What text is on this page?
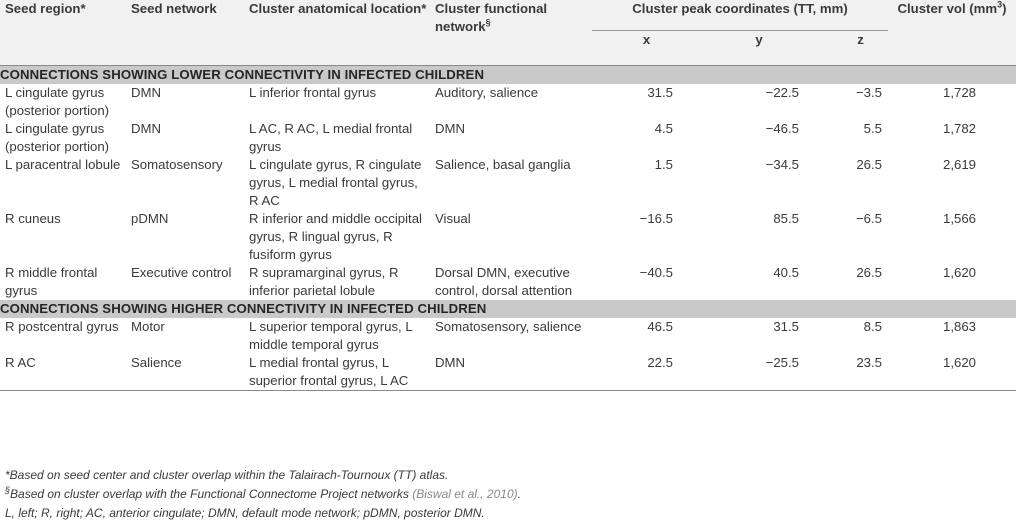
Seed region*	Seed network	Cluster anatomical location*	Cluster functional network§	Cluster peak coordinates (TT, mm)			Cluster vol $(mm^3)$
				x	y	z	

CONNECTIONS SHOWING LOWER CONNECTIVITY IN INFECTED CHILDREN							
L cingulate gyrus (posterior portion)	DMN	L inferior frontal gyrus	Auditory, salience	31.5	−22.5	−3.5	1,728
L cingulate gyrus (posterior portion)	DMN	L AC, R AC, L medial frontal gyrus	DMN	4.5	−46.5	5.5	1,782
L paracentral lobule	Somatosensory	L cingulate gyrus, R cingulate gyrus, L medial frontal gyrus, R AC	Salience, basal ganglia	1.5	−34.5	26.5	2,619
R cuneus	pDMN	R inferior and middle occipital gyrus, R lingual gyrus, R fusiform gyrus	Visual	−16.5	85.5	−6.5	1,566
R middle frontal gyrus	Executive control	R supramarginal gyrus, R inferior parietal lobule	Dorsal DMN, executive control, dorsal attention	−40.5	40.5	26.5	1,620
CONNECTIONS SHOWING HIGHER CONNECTIVITY IN INFECTED CHILDREN							
R postcentral gyrus	Motor	L superior temporal gyrus, L middle temporal gyrus	Somatosensory, salience	46.5	31.5	8.5	1,863
R AC	Salience	L medial frontal gyrus, L superior frontal gyrus, L AC	DMN	22.5	−25.5	23.5	1,620
*Based on seed center and cluster overlap within the Talairach-Tournoux (TT) atlas.
§Based on cluster overlap with the Functional Connectome Project networks (Biswal et al., 2010).
L, left; R, right; AC, anterior cingulate; DMN, default mode network; pDMN, posterior DMN.
